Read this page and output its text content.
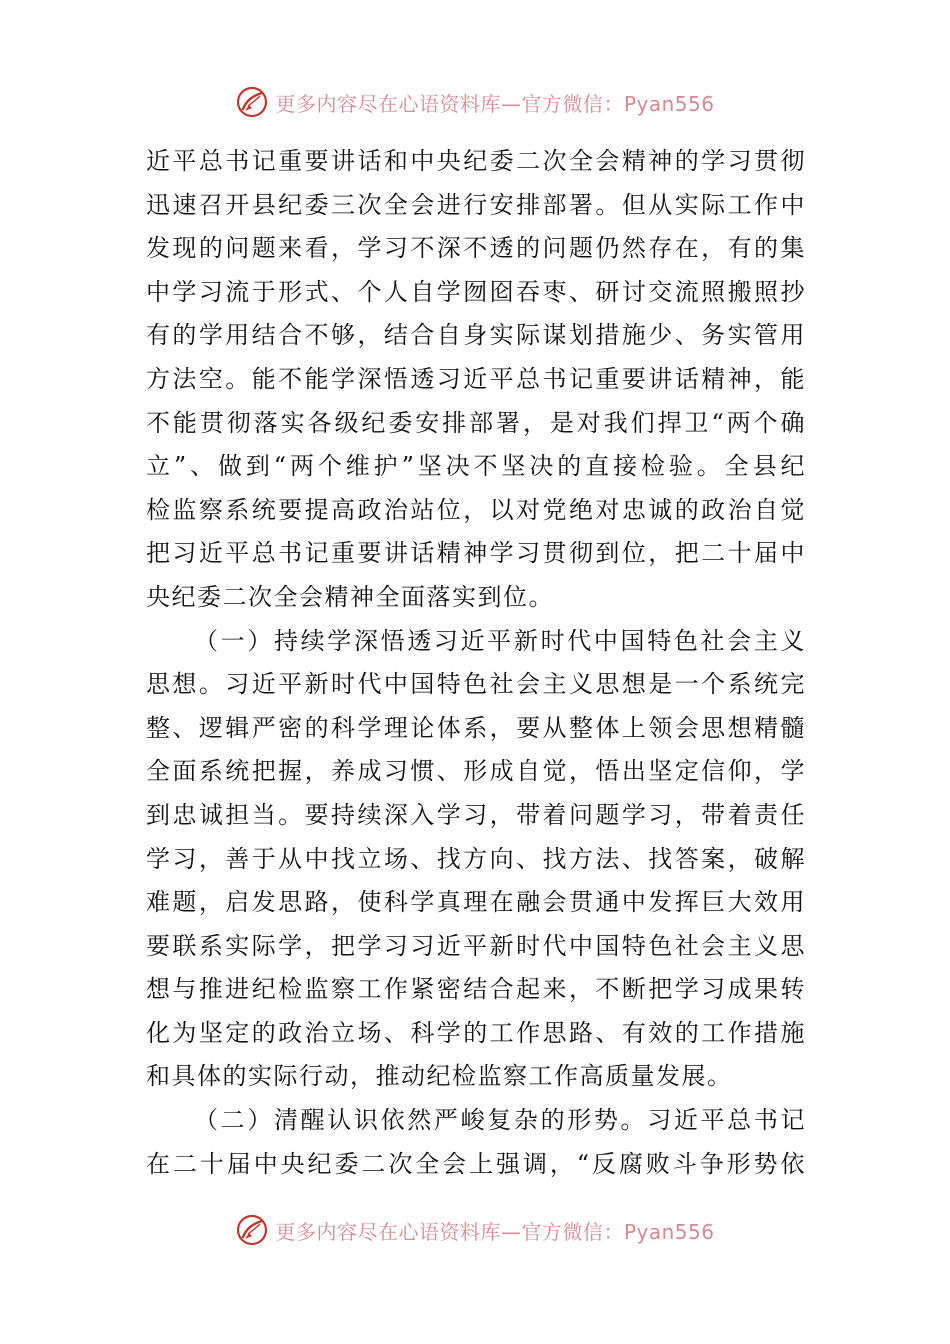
更多内容尽在心语资料库—官方微信：Pyan556
近平总书记重要讲话和中央纪委二次全会精神的学习贯彻
迅速召开县纪委三次全会进行安排部署。但从实际工作中
发现的问题来看，学习不深不透的问题仍然存在，有的集
中学习流于形式、个人自学囫囵吞枣、研讨交流照搬照抄
有的学用结合不够，结合自身实际谋划措施少、务实管用
方法空。能不能学深悟透习近平总书记重要讲话精神，能
不能贯彻落实各级纪委安排部署，是对我们捍卫“两个确
立”、做到“两个维护”坚决不坚决的直接检验。全县纪
检监察系统要提高政治站位，以对党绝对忠诚的政治自觉
把习近平总书记重要讲话精神学习贯彻到位，把二十届中
央纪委二次全会精神全面落实到位。
（一）持续学深悟透习近平新时代中国特色社会主义
思想。习近平新时代中国特色社会主义思想是一个系统完
整、逻辑严密的科学理论体系，要从整体上领会思想精髓
全面系统把握，养成习惯、形成自觉，悟出坚定信仰，学
到忠诚担当。要持续深入学习，带着问题学习，带着责任
学习，善于从中找立场、找方向、找方法、找答案，破解
难题，启发思路，使科学真理在融会贯通中发挥巨大效用
要联系实际学，把学习习近平新时代中国特色社会主义思
想与推进纪检监察工作紧密结合起来，不断把学习成果转
化为坚定的政治立场、科学的工作思路、有效的工作措施
和具体的实际行动，推动纪检监察工作高质量发展。
（二）清醒认识依然严峻复杂的形势。习近平总书记
在二十届中央纪委二次全会上强调，“反腐败斗争形势依
更多内容尽在心语资料库—官方微信：Pyan556
